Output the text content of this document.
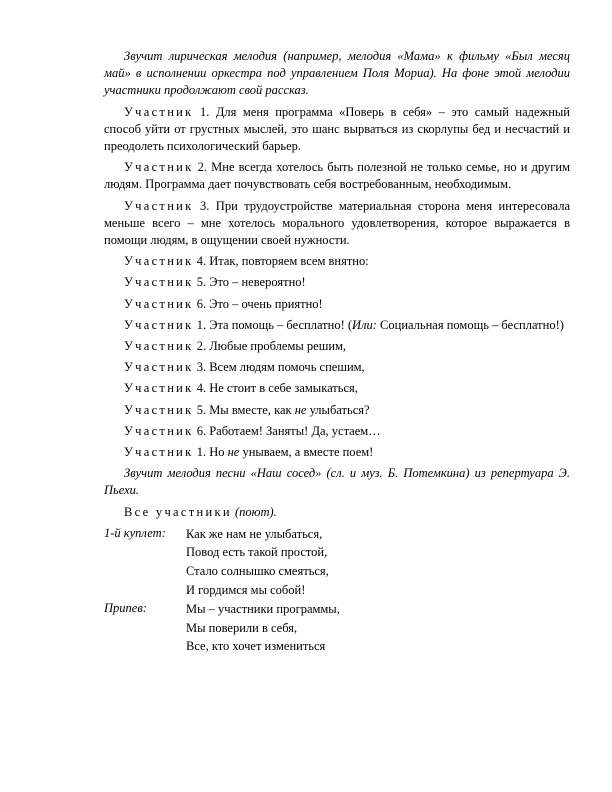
Звучит лирическая мелодия (например, мелодия «Мама» к фильму «Был месяц май» в исполнении оркестра под управлением Поля Мориа). На фоне этой мелодии участники продолжают свой рассказ.

Участник 1. Для меня программа «Поверь в себя» – это самый надежный способ уйти от грустных мыслей, это шанс вырваться из скорлупы бед и несчастий и преодолеть психологический барьер.

Участник 2. Мне всегда хотелось быть полезной не только семье, но и другим людям. Программа дает почувствовать себя востребованным, необходимым.

Участник 3. При трудоустройстве материальная сторона меня интересовала меньше всего – мне хотелось морального удовлетворения, которое выражается в помощи людям, в ощущении своей нужности.

Участник 4. Итак, повторяем всем внятно:

Участник 5. Это – невероятно!

Участник 6. Это – очень приятно!

Участник 1. Эта помощь – бесплатно! (Или: Социальная помощь – бесплатно!)

Участник 2. Любые проблемы решим,

Участник 3. Всем людям помочь спешим,

Участник 4. Не стоит в себе замыкаться,

Участник 5. Мы вместе, как не улыбаться?

Участник 6. Работаем! Заняты! Да, устаем…

Участник 1. Но не унываем, а вместе поем!

Звучит мелодия песни «Наш сосед» (сл. и муз. Б. Потемкина) из репертуара Э. Пьехи.

Все участники (поют).

1-й куплет:	Как же нам не улыбаться,
Повод есть такой простой,
Стало солнышко смеяться,
И гордимся мы собой!
Припев:	Мы – участники программы,
Мы поверили в себя,
Все, кто хочет измениться
